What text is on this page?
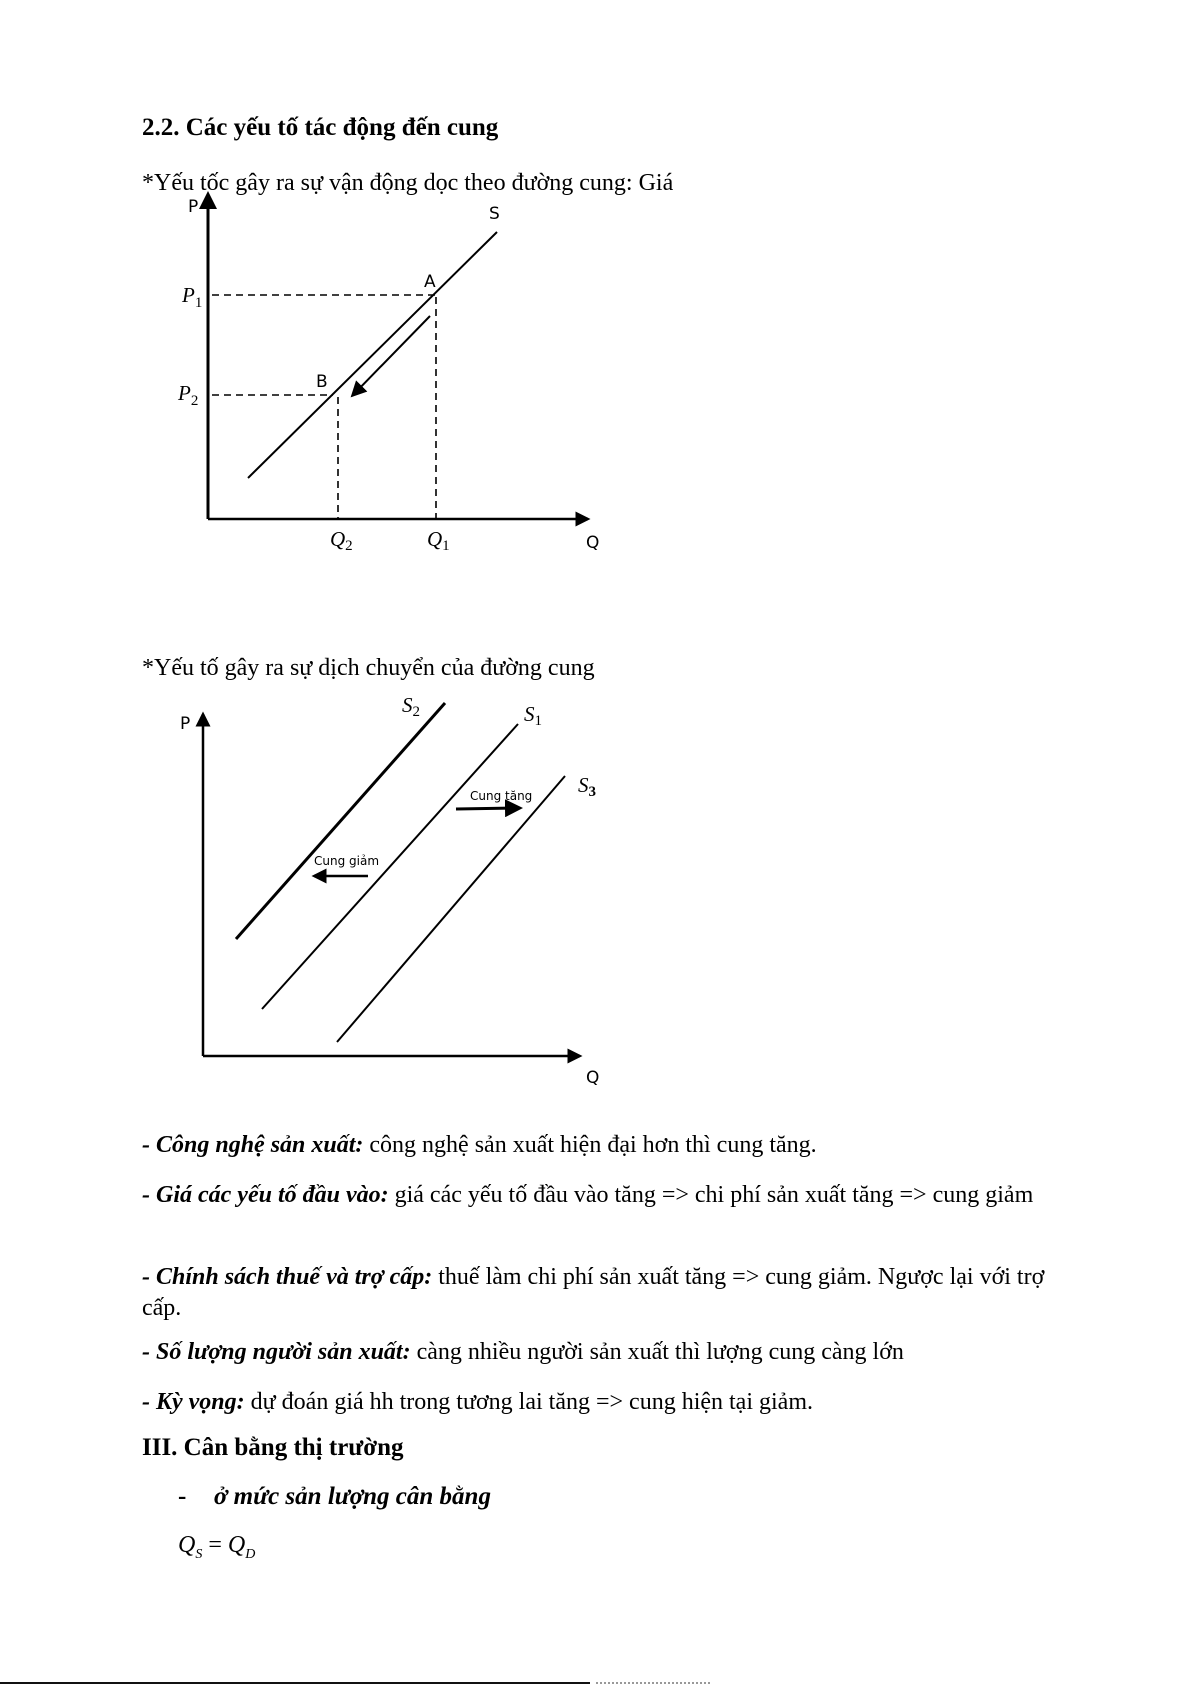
2.2. Các yếu tố tác động đến cung
*Yếu tốc gây ra sự vận động dọc theo đường cung: Giá
P	S
A
B
$P_1$
$P_2$
Q2	Q1	Q
Cung tăng
Cung giảm
P
Q
S2	S1
S3
*Yếu tố gây ra sự dịch chuyển của đường cung
- Công nghệ sản xuất: công nghệ sản xuất hiện đại hơn thì cung tăng.
- Giá các yếu tố đầu vào: giá các yếu tố đầu vào tăng => chi phí sản xuất tăng => cung giảm
- Chính sách thuế và trợ cấp: thuế làm chi phí sản xuất tăng => cung giảm. Ngược lại với trợ cấp.
- Số lượng người sản xuất: càng nhiều người sản xuất thì lượng cung càng lớn
- Kỳ vọng: dự đoán giá hh trong tương lai tăng => cung hiện tại giảm.
III. Cân bằng thị trường
- ở mức sản lượng cân bằng
$Q_S = Q_D$
